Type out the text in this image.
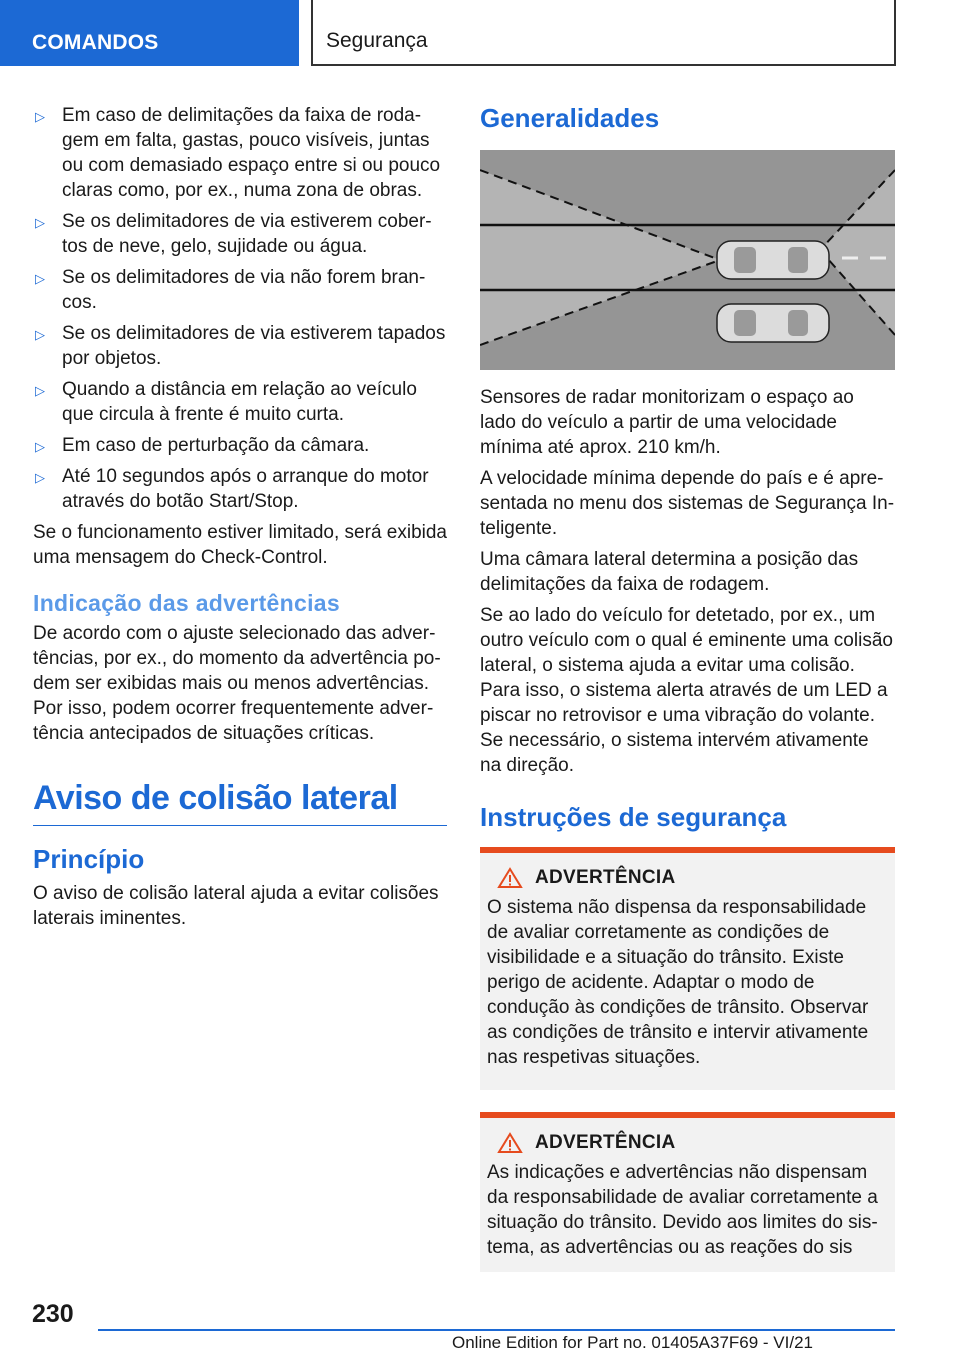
COMANDOS	Segurança
▷ Em caso de delimitações da faixa de rodagem em falta, gastas, pouco visíveis, juntas ou com demasiado espaço entre si ou pouco claras como, por ex., numa zona de obras.
▷ Se os delimitadores de via estiverem cobertos de neve, gelo, sujidade ou água.
▷ Se os delimitadores de via não forem brancos.
▷ Se os delimitadores de via estiverem tapados por objetos.
▷ Quando a distância em relação ao veículo que circula à frente é muito curta.
▷ Em caso de perturbação da câmara.
▷ Até 10 segundos após o arranque do motor através do botão Start/Stop.

Se o funcionamento estiver limitado, será exibida uma mensagem do Check-Control.

Indicação das advertências

De acordo com o ajuste selecionado das advertências, por ex., do momento da advertência podem ser exibidas mais ou menos advertências. Por isso, podem ocorrer frequentemente advertência antecipados de situações críticas.

Aviso de colisão lateral
Princípio

O aviso de colisão lateral ajuda a evitar colisões laterais iminentes.

Generalidades

Sensores de radar monitorizam o espaço ao lado do veículo a partir de uma velocidade mínima até aprox. 210 km/h.

A velocidade mínima depende do país e é apresentada no menu dos sistemas de Segurança Inteligente.

Uma câmara lateral determina a posição das delimitações da faixa de rodagem.

Se ao lado do veículo for detetado, por ex., um outro veículo com o qual é eminente uma colisão lateral, o sistema ajuda a evitar uma colisão. Para isso, o sistema alerta através de um LED a piscar no retrovisor e uma vibração do volante. Se necessário, o sistema intervém ativamente na direção.

Instruções de segurança
ADVERTÊNCIA

O sistema não dispensa da responsabilidade de avaliar corretamente as condições de visibilidade e a situação do trânsito. Existe perigo de acidente. Adaptar o modo de condução às condições de trânsito. Observar as condições de trânsito e intervir ativamente nas respetivas situações.

ADVERTÊNCIA

As indicações e advertências não dispensam da responsabilidade de avaliar corretamente a situação do trânsito. Devido aos limites do sistema, as advertências ou as reações do sis

230
Online Edition for Part no. 01405A37F69 - VI/21
